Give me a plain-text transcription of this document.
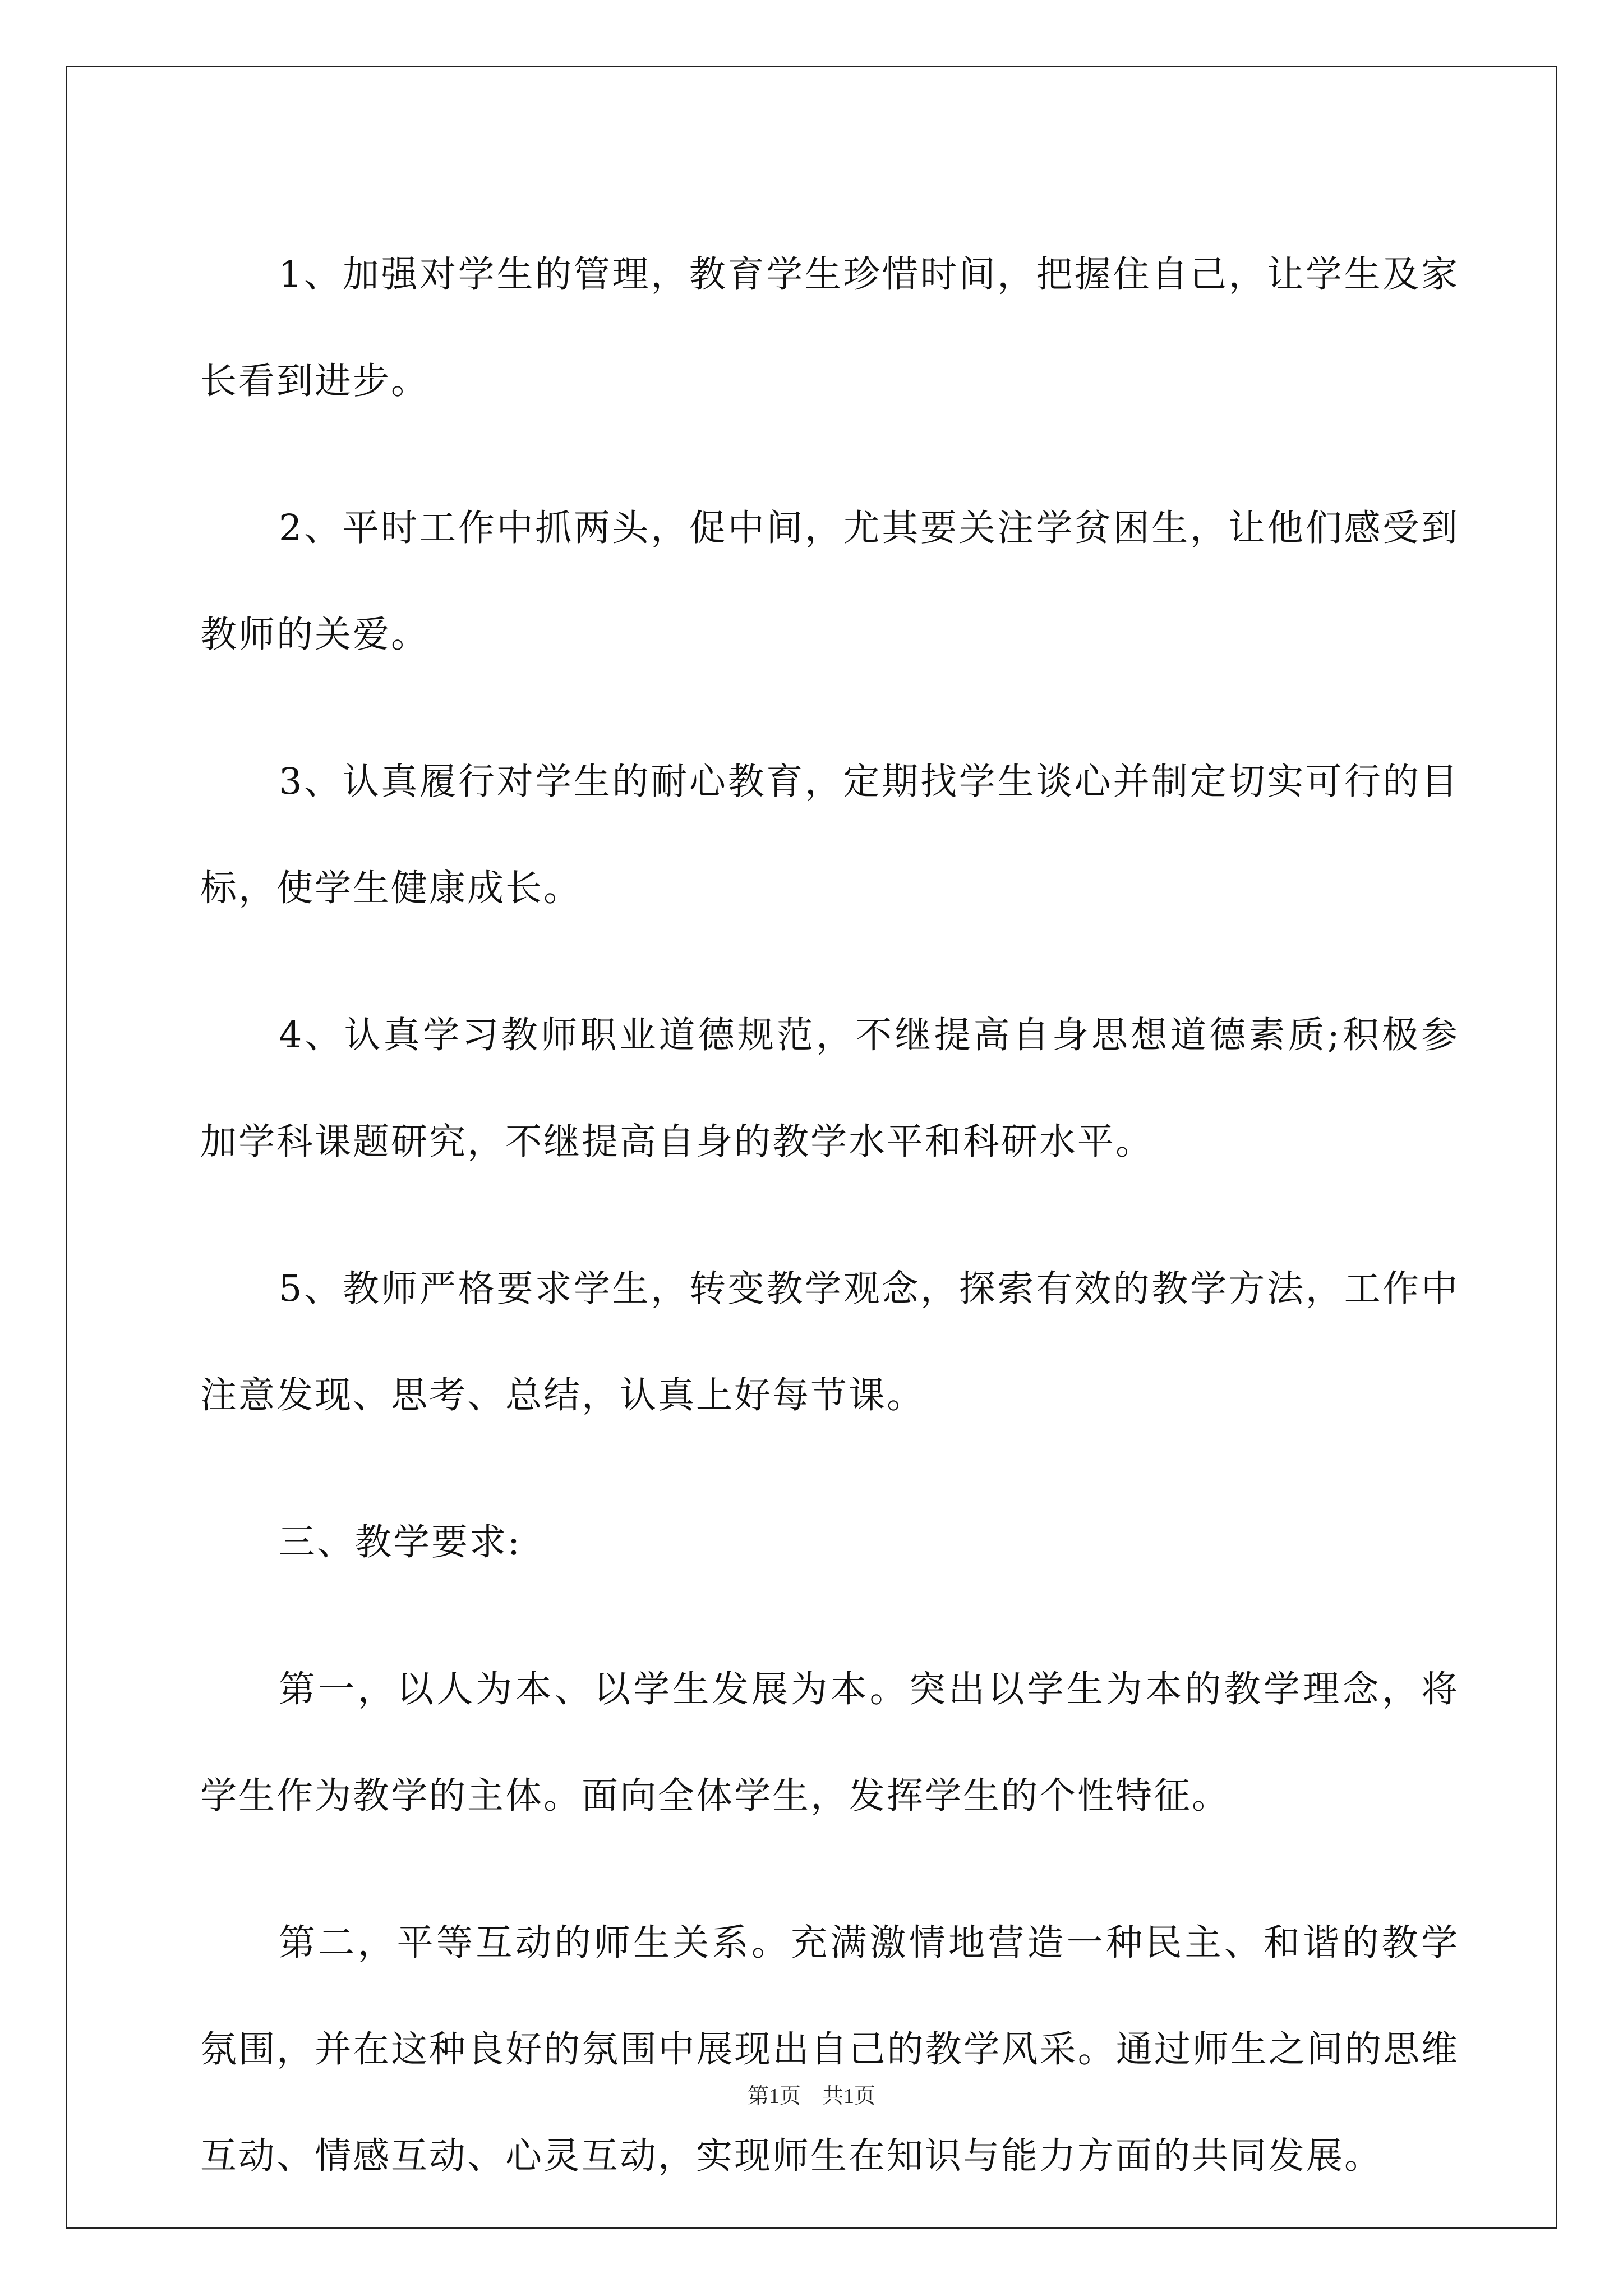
1、加强对学生的管理，教育学生珍惜时间，把握住自己，让学生及家长看到进步。

2、平时工作中抓两头，促中间，尤其要关注学贫困生，让他们感受到教师的关爱。

3、认真履行对学生的耐心教育，定期找学生谈心并制定切实可行的目标，使学生健康成长。

4、认真学习教师职业道德规范，不继提高自身思想道德素质;积极参加学科课题研究，不继提高自身的教学水平和科研水平。

5、教师严格要求学生，转变教学观念，探索有效的教学方法，工作中注意发现、思考、总结，认真上好每节课。

三、教学要求:

第一，以人为本、以学生发展为本。突出以学生为本的教学理念，将学生作为教学的主体。面向全体学生，发挥学生的个性特征。

第二，平等互动的师生关系。充满激情地营造一种民主、和谐的教学氛围，并在这种良好的氛围中展现出自己的教学风采。通过师生之间的思维互动、情感互动、心灵互动，实现师生在知识与能力方面的共同发展。

第1页　共1页
